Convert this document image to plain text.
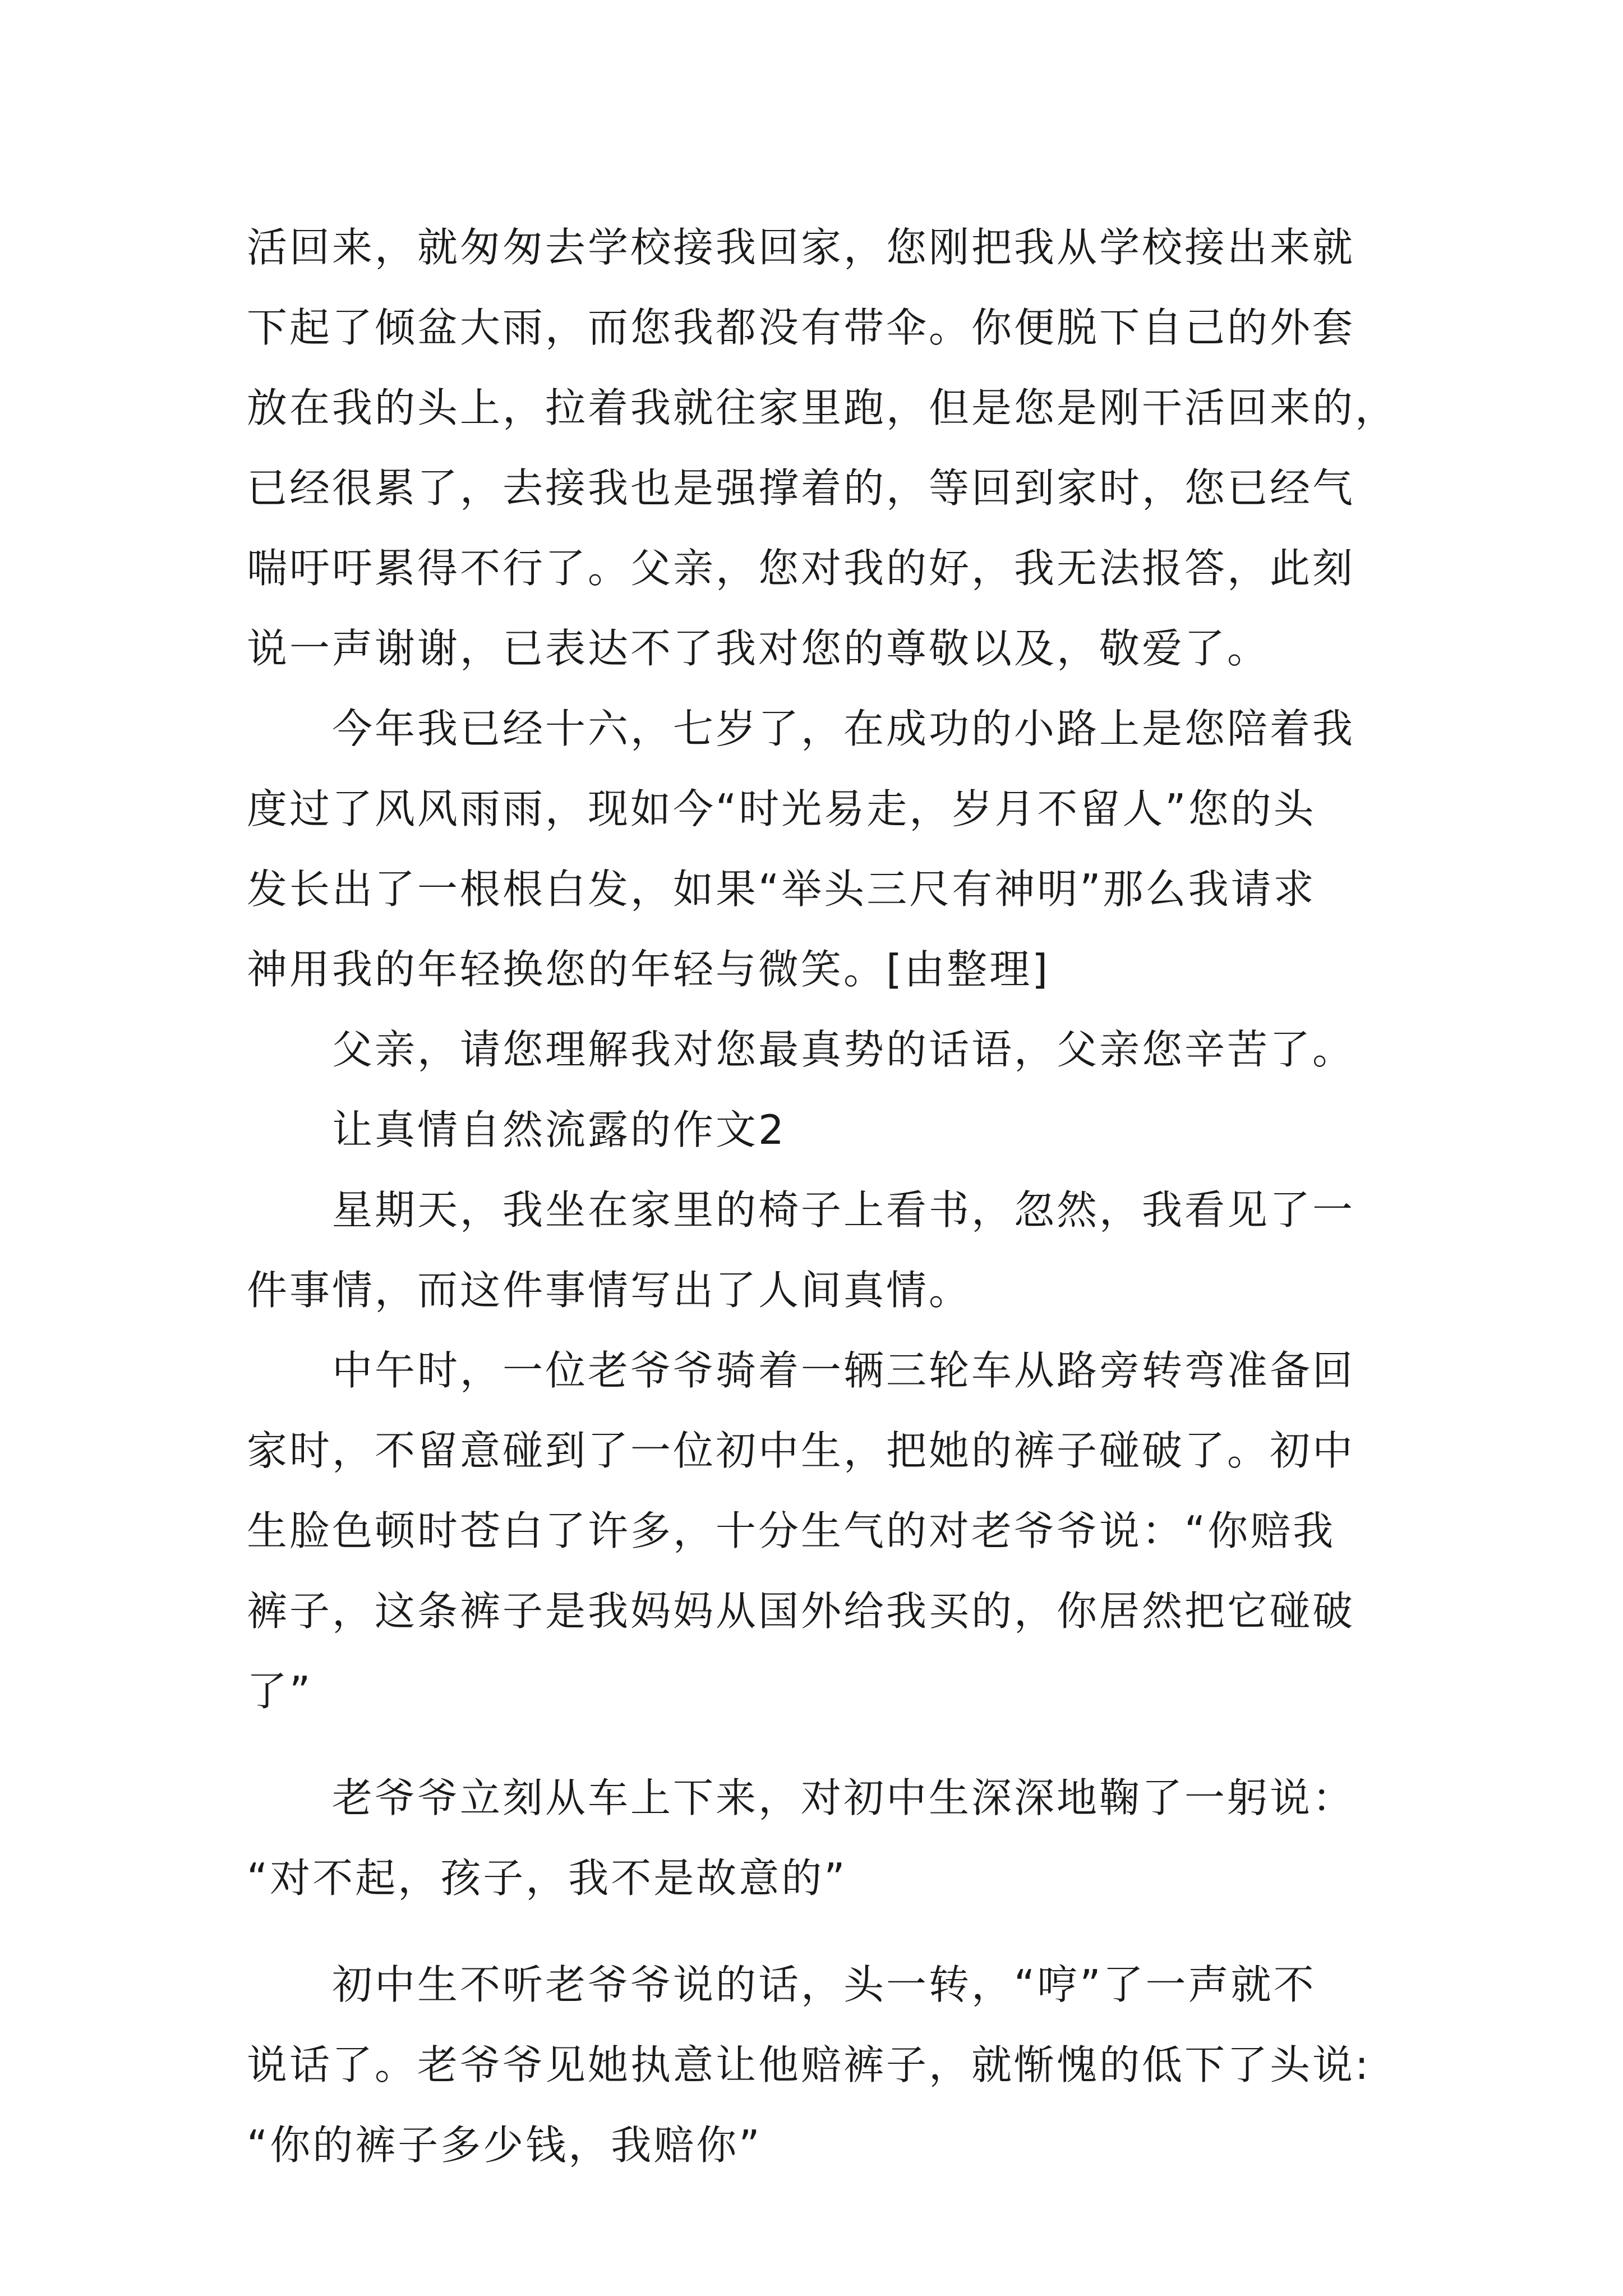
活回来，就匆匆去学校接我回家，您刚把我从学校接出来就
下起了倾盆大雨，而您我都没有带伞。你便脱下自己的外套
放在我的头上，拉着我就往家里跑，但是您是刚干活回来的，
已经很累了，去接我也是强撑着的，等回到家时，您已经气
喘吁吁累得不行了。父亲，您对我的好，我无法报答，此刻
说一声谢谢，已表达不了我对您的尊敬以及，敬爱了。
今年我已经十六，七岁了，在成功的小路上是您陪着我
度过了风风雨雨，现如今“时光易走，岁月不留人”您的头
发长出了一根根白发，如果“举头三尺有神明”那么我请求
神用我的年轻换您的年轻与微笑。[由整理]
父亲，请您理解我对您最真势的话语，父亲您辛苦了。
让真情自然流露的作文2
星期天，我坐在家里的椅子上看书，忽然，我看见了一
件事情，而这件事情写出了人间真情。
中午时，一位老爷爷骑着一辆三轮车从路旁转弯准备回
家时，不留意碰到了一位初中生，把她的裤子碰破了。初中
生脸色顿时苍白了许多，十分生气的对老爷爷说：“你赔我
裤子，这条裤子是我妈妈从国外给我买的，你居然把它碰破
了”
老爷爷立刻从车上下来，对初中生深深地鞠了一躬说：
“对不起，孩子，我不是故意的”
初中生不听老爷爷说的话，头一转，“哼”了一声就不
说话了。老爷爷见她执意让他赔裤子，就惭愧的低下了头说:
“你的裤子多少钱，我赔你”
